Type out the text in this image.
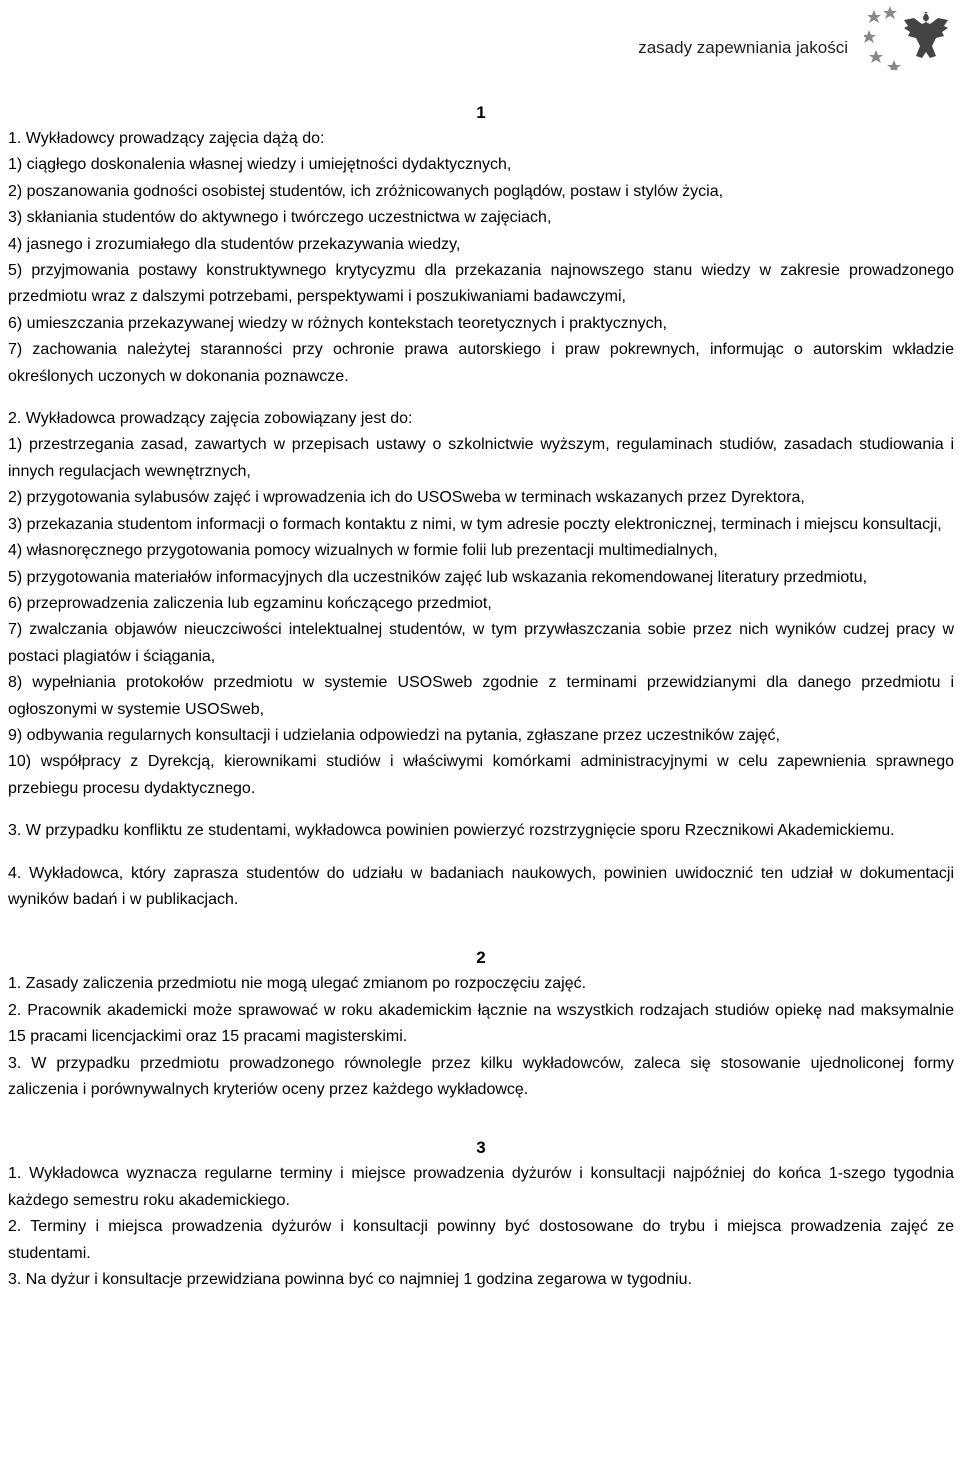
zasady zapewniania jakości
1

1. Wykładowcy prowadzący zajęcia dążą do:

1) ciągłego doskonalenia własnej wiedzy i umiejętności dydaktycznych,

2) poszanowania godności osobistej studentów, ich zróżnicowanych poglądów, postaw i stylów życia,

3) skłaniania studentów do aktywnego i twórczego uczestnictwa w zajęciach,

4) jasnego i zrozumiałego dla studentów przekazywania wiedzy,

5) przyjmowania postawy konstruktywnego krytycyzmu dla przekazania najnowszego stanu wiedzy w zakresie prowadzonego przedmiotu wraz z dalszymi potrzebami, perspektywami i poszukiwaniami badawczymi,

6) umieszczania przekazywanej wiedzy w różnych kontekstach teoretycznych i praktycznych,

7) zachowania należytej staranności przy ochronie prawa autorskiego i praw pokrewnych, informując o autorskim wkładzie określonych uczonych w dokonania poznawcze.

2. Wykładowca prowadzący zajęcia zobowiązany jest do:

1) przestrzegania zasad, zawartych w przepisach ustawy o szkolnictwie wyższym, regulaminach studiów, zasadach studiowania i innych regulacjach wewnętrznych,

2) przygotowania sylabusów zajęć i wprowadzenia ich do USOSweba w terminach wskazanych przez Dyrektora,

3) przekazania studentom informacji o formach kontaktu z nimi, w tym adresie poczty elektronicznej, terminach i miejscu konsultacji,

4) własnoręcznego przygotowania pomocy wizualnych w formie folii lub prezentacji multimedialnych,

5) przygotowania materiałów informacyjnych dla uczestników zajęć lub wskazania rekomendowanej literatury przedmiotu,

6) przeprowadzenia zaliczenia lub egzaminu kończącego przedmiot,

7) zwalczania objawów nieuczciwości intelektualnej studentów, w tym przywłaszczania sobie przez nich wyników cudzej pracy w postaci plagiatów i ściągania,

8) wypełniania protokołów przedmiotu w systemie USOSweb zgodnie z terminami przewidzianymi dla danego przedmiotu i ogłoszonymi w systemie USOSweb,

9) odbywania regularnych konsultacji i udzielania odpowiedzi na pytania, zgłaszane przez uczestników zajęć,

10) współpracy z Dyrekcją, kierownikami studiów i właściwymi komórkami administracyjnymi w celu zapewnienia sprawnego przebiegu procesu dydaktycznego.

3. W przypadku konfliktu ze studentami, wykładowca powinien powierzyć rozstrzygnięcie sporu Rzecznikowi Akademickiemu.

4. Wykładowca, który zaprasza studentów do udziału w badaniach naukowych, powinien uwidocznić ten udział w dokumentacji wyników badań i w publikacjach.

2

1. Zasady zaliczenia przedmiotu nie mogą ulegać zmianom po rozpoczęciu zajęć.

2. Pracownik akademicki może sprawować w roku akademickim łącznie na wszystkich rodzajach studiów opiekę nad maksymalnie 15 pracami licencjackimi oraz 15 pracami magisterskimi.

3. W przypadku przedmiotu prowadzonego równolegle przez kilku wykładowców, zaleca się stosowanie ujednoliconej formy zaliczenia i porównywalnych kryteriów oceny przez każdego wykładowcę.

3

1. Wykładowca wyznacza regularne terminy i miejsce prowadzenia dyżurów i konsultacji najpóźniej do końca 1-szego tygodnia każdego semestru roku akademickiego.

2. Terminy i miejsca prowadzenia dyżurów i konsultacji powinny być dostosowane do trybu i miejsca prowadzenia zajęć ze studentami.

3. Na dyżur i konsultacje przewidziana powinna być co najmniej 1 godzina zegarowa w tygodniu.
